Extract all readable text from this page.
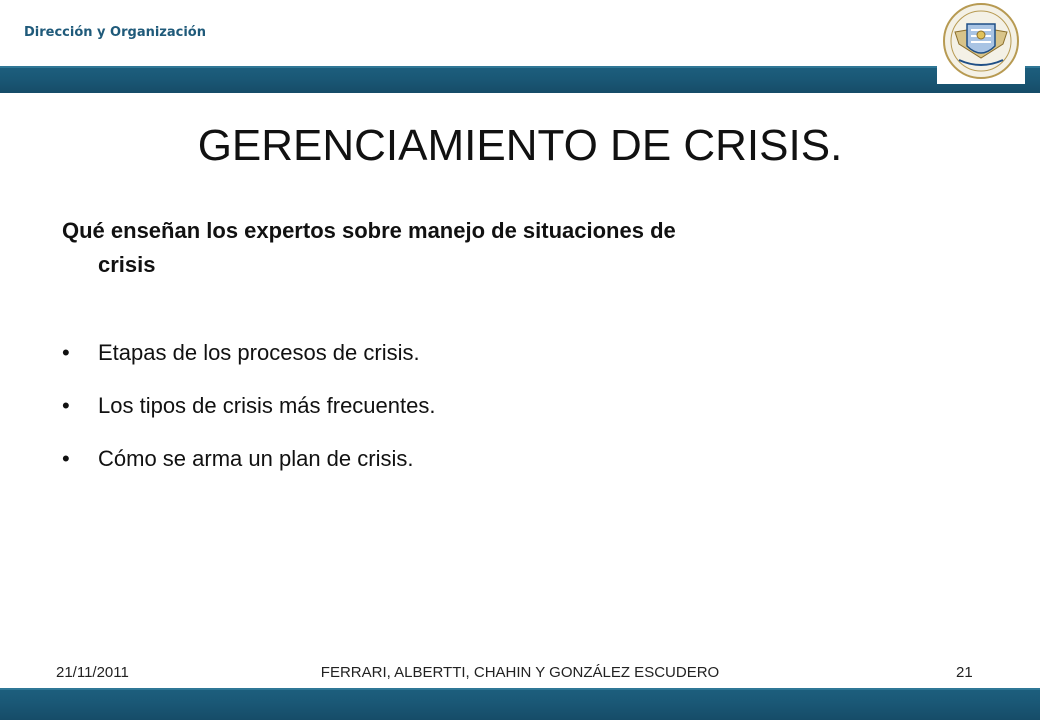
Dirección y Organización
GERENCIAMIENTO DE CRISIS.
Qué enseñan los expertos sobre manejo de situaciones de
crisis
• Etapas de los procesos de crisis.
• Los tipos de crisis más frecuentes.
• Cómo se arma un plan de crisis.
21/11/2011	FERRARI, ALBERTTI, CHAHIN Y GONZÁLEZ ESCUDERO	21
